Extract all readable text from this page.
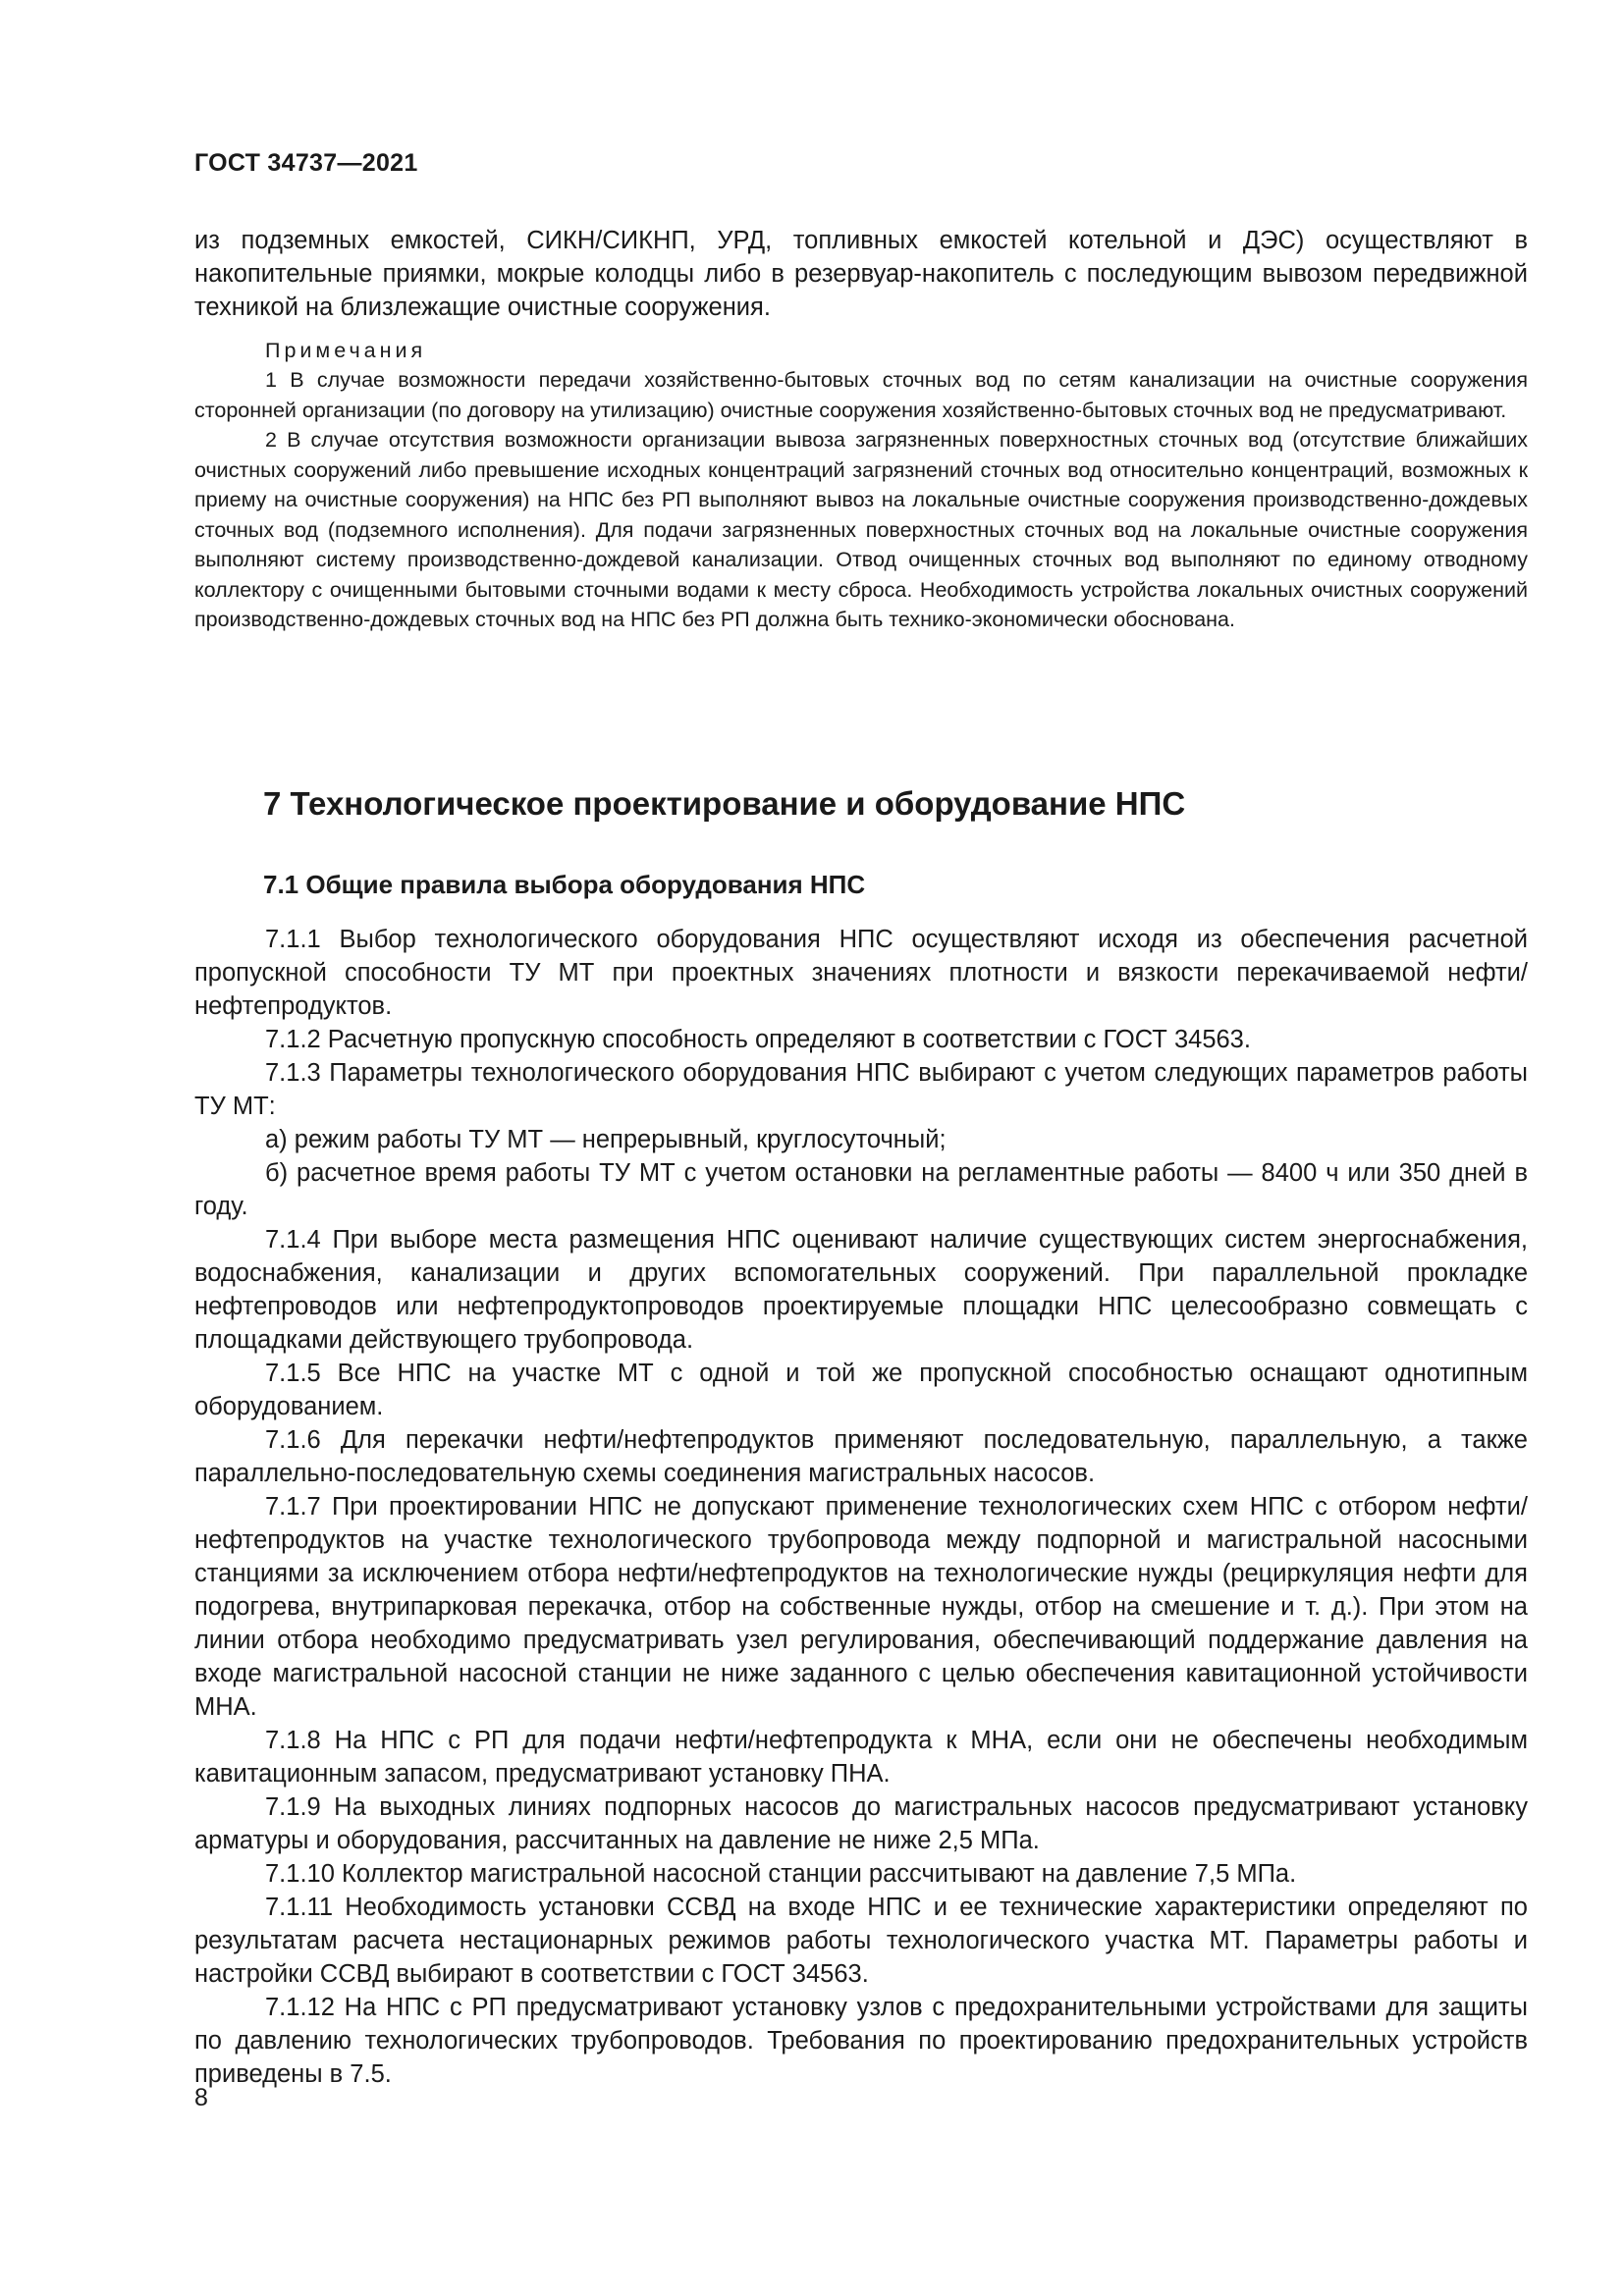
ГОСТ 34737—2021

из подземных емкостей, СИКН/СИКНП, УРД, топливных емкостей котельной и ДЭС) осуществляют в накопительные приямки, мокрые колодцы либо в резервуар-накопитель с последующим вывозом передвижной техникой на близлежащие очистные сооружения.

Примечания

1 В случае возможности передачи хозяйственно-бытовых сточных вод по сетям канализации на очистные сооружения сторонней организации (по договору на утилизацию) очистные сооружения хозяйственно-бытовых сточных вод не предусматривают.

2 В случае отсутствия возможности организации вывоза загрязненных поверхностных сточных вод (отсутствие ближайших очистных сооружений либо превышение исходных концентраций загрязнений сточных вод относительно концентраций, возможных к приему на очистные сооружения) на НПС без РП выполняют вывоз на локальные очистные сооружения производственно-дождевых сточных вод (подземного исполнения). Для подачи загрязненных поверхностных сточных вод на локальные очистные сооружения выполняют систему производственно-дождевой канализации. Отвод очищенных сточных вод выполняют по единому отводному коллектору с очищенными бытовыми сточными водами к месту сброса. Необходимость устройства локальных очистных сооружений производственно-дождевых сточных вод на НПС без РП должна быть технико-экономически обоснована.

7 Технологическое проектирование и оборудование НПС
7.1 Общие правила выбора оборудования НПС

7.1.1 Выбор технологического оборудования НПС осуществляют исходя из обеспечения расчетной пропускной способности ТУ МТ при проектных значениях плотности и вязкости перекачиваемой нефти/ нефтепродуктов.

7.1.2 Расчетную пропускную способность определяют в соответствии с ГОСТ 34563.

7.1.3 Параметры технологического оборудования НПС выбирают с учетом следующих параметров работы ТУ МТ:

а) режим работы ТУ МТ — непрерывный, круглосуточный;

б) расчетное время работы ТУ МТ с учетом остановки на регламентные работы — 8400 ч или 350 дней в году.

7.1.4 При выборе места размещения НПС оценивают наличие существующих систем энергоснабжения, водоснабжения, канализации и других вспомогательных сооружений. При параллельной прокладке нефтепроводов или нефтепродуктопроводов проектируемые площадки НПС целесообразно совмещать с площадками действующего трубопровода.

7.1.5 Все НПС на участке МТ с одной и той же пропускной способностью оснащают однотипным оборудованием.

7.1.6 Для перекачки нефти/нефтепродуктов применяют последовательную, параллельную, а также параллельно-последовательную схемы соединения магистральных насосов.

7.1.7 При проектировании НПС не допускают применение технологических схем НПС с отбором нефти/нефтепродуктов на участке технологического трубопровода между подпорной и магистральной насосными станциями за исключением отбора нефти/нефтепродуктов на технологические нужды (рециркуляция нефти для подогрева, внутрипарковая перекачка, отбор на собственные нужды, отбор на смешение и т. д.). При этом на линии отбора необходимо предусматривать узел регулирования, обеспечивающий поддержание давления на входе магистральной насосной станции не ниже заданного с целью обеспечения кавитационной устойчивости МНА.

7.1.8 На НПС с РП для подачи нефти/нефтепродукта к МНА, если они не обеспечены необходимым кавитационным запасом, предусматривают установку ПНА.

7.1.9 На выходных линиях подпорных насосов до магистральных насосов предусматривают установку арматуры и оборудования, рассчитанных на давление не ниже 2,5 МПа.

7.1.10 Коллектор магистральной насосной станции рассчитывают на давление 7,5 МПа.

7.1.11 Необходимость установки ССВД на входе НПС и ее технические характеристики определяют по результатам расчета нестационарных режимов работы технологического участка МТ. Параметры работы и настройки ССВД выбирают в соответствии с ГОСТ 34563.

7.1.12 На НПС с РП предусматривают установку узлов с предохранительными устройствами для защиты по давлению технологических трубопроводов. Требования по проектированию предохранительных устройств приведены в 7.5.

8
